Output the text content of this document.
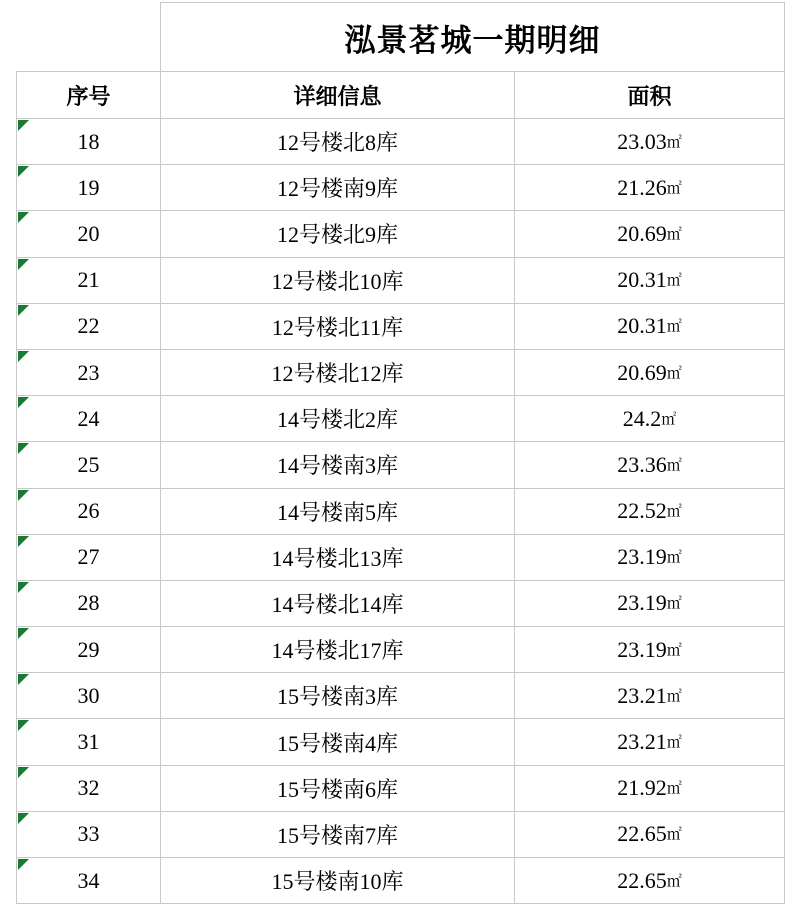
	泓景茗城一期明细	
序号	详细信息	面积

18	12号楼北8库	23.03㎡

19	12号楼南9库	21.26㎡

20	12号楼北9库	20.69㎡

21	12号楼北10库	20.31㎡

22	12号楼北11库	20.31㎡

23	12号楼北12库	20.69㎡

24	14号楼北2库	24.2㎡

25	14号楼南3库	23.36㎡

26	14号楼南5库	22.52㎡

27	14号楼北13库	23.19㎡

28	14号楼北14库	23.19㎡

29	14号楼北17库	23.19㎡

30	15号楼南3库	23.21㎡

31	15号楼南4库	23.21㎡

32	15号楼南6库	21.92㎡

33	15号楼南7库	22.65㎡

34	15号楼南10库	22.65㎡
